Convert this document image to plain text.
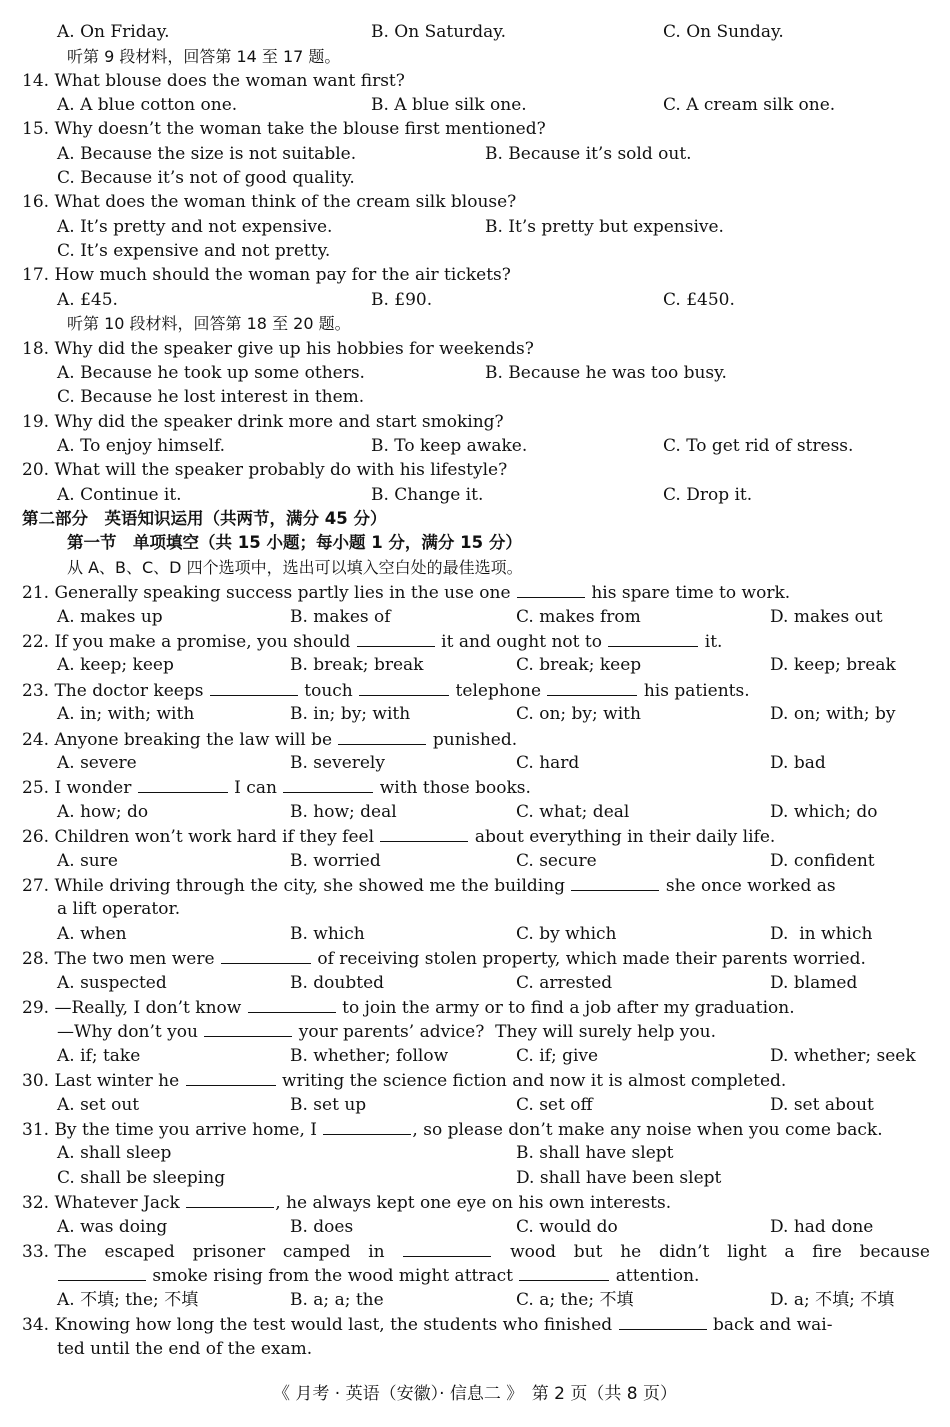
A. On Friday.	B. On Saturday.	C. On Sunday.
听第 9 段材料，回答第 14 至 17 题。
14. What blouse does the woman want first?
A. A blue cotton one.	B. A blue silk one.	C. A cream silk one.
15. Why doesn’t the woman take the blouse first mentioned?
A. Because the size is not suitable.	B. Because it’s sold out.
C. Because it’s not of good quality.
16. What does the woman think of the cream silk blouse?
A. It’s pretty and not expensive.	B. It’s pretty but expensive.
C. It’s expensive and not pretty.
17. How much should the woman pay for the air tickets?
A. £45.	B. £90.	C. £450.
听第 10 段材料，回答第 18 至 20 题。
18. Why did the speaker give up his hobbies for weekends?
A. Because he took up some others.	B. Because he was too busy.
C. Because he lost interest in them.
19. Why did the speaker drink more and start smoking?
A. To enjoy himself.	B. To keep awake.	C. To get rid of stress.
20. What will the speaker probably do with his lifestyle?
A. Continue it.	B. Change it.	C. Drop it.
第二部分　英语知识运用（共两节，满分 45 分）
第一节　单项填空（共 15 小题；每小题 1 分，满分 15 分）
从 A、B、C、D 四个选项中，选出可以填入空白处的最佳选项。
21. Generally speaking success partly lies in the use one	his spare time to work.
A. makes up	B. makes of	C. makes from	D. makes out
22. If you make a promise, you should	it and ought not to	it.
A. keep; keep	B. break; break	C. break; keep	D. keep; break
23. The doctor keeps	touch	telephone	his patients.
A. in; with; with	B. in; by; with	C. on; by; with	D. on; with; by
24. Anyone breaking the law will be	punished.
A. severe	B. severely	C. hard	D. bad
25. I wonder	I can	with those books.
A. how; do	B. how; deal	C. what; deal	D. which; do
26. Children won’t work hard if they feel	about everything in their daily life.
A. sure	B. worried	C. secure	D. confident
27. While driving through the city, she showed me the building	she once worked as
a lift operator.
A. when	B. which	C. by which	D.  in which
28. The two men were	of receiving stolen property, which made their parents worried.
A. suspected	B. doubted	C. arrested	D. blamed
29. —Really, I don’t know	to join the army or to find a job after my graduation.
—Why don’t you	your parents’ advice?  They will surely help you.
A. if; take	B. whether; follow	C. if; give	D. whether; seek
30. Last winter he	writing the science fiction and now it is almost completed.
A. set out	B. set up	C. set off	D. set about
31. By the time you arrive home, I	, so please don’t make any noise when you come back.
A. shall sleep	B. shall have slept
C. shall be sleeping	D. shall have been slept
32. Whatever Jack	, he always kept one eye on his own interests.
A. was doing	B. does	C. would do	D. had done
33. The escaped prisoner camped in	wood but he didn’t light a fire because
smoke rising from the wood might attract	attention.
A. 不填; the; 不填	B. a; a; the	C. a; the; 不填	D. a; 不填; 不填
34. Knowing how long the test would last, the students who finished	back and wai-
ted until the end of the exam.
《 月考 · 英语（安徽）· 信息二 》　第 2 页（共 8 页）
